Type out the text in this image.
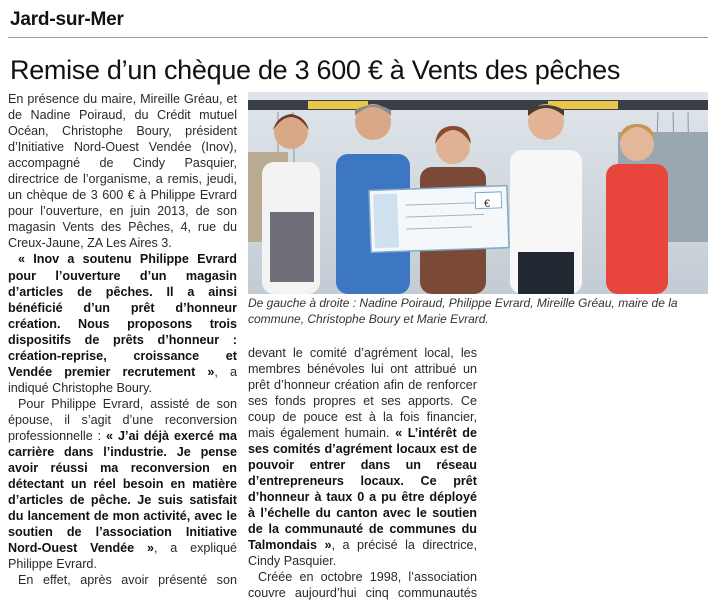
Jard-sur-Mer
Remise d’un chèque de 3 600 € à Vents des pêches

En présence du maire, Mireille Gréau, et de Nadine Poiraud, du Crédit mutuel Océan, Christophe Boury, président d’Initiative Nord-Ouest Vendée (Inov), accompagné de Cindy Pasquier, directrice de l’organisme, a remis, jeudi, un chèque de 3 600 € à Philippe Evrard pour l’ouverture, en juin 2013, de son magasin Vents des Pêches, 4, rue du Creux-Jaune, ZA Les Aires 3.

« Inov a soutenu Philippe Evrard pour l’ouverture d’un magasin d’articles de pêches. Il a ainsi bénéficié d’un prêt d’honneur création. Nous proposons trois dispositifs de prêts d’honneur : création-reprise, croissance et Vendée premier recrutement », a indiqué Christophe Boury.

Pour Philippe Evrard, assisté de son épouse, il s’agit d’une reconversion professionnelle : « J’ai déjà exercé ma carrière dans l’industrie. Je pense avoir réussi ma reconversion en détectant un réel besoin en matière d’articles de pêche. Je suis satisfait du lancement de mon activité, avec le soutien de l’association Initiative Nord-Ouest Vendée », a expliqué Philippe Evrard.

En effet, après avoir présenté son

€
De gauche à droite : Nadine Poiraud, Philippe Evrard, Mireille Gréau, maire de la commune, Christophe Boury et Marie Evrard.

devant le comité d’agrément local, les membres bénévoles lui ont attribué un prêt d’honneur création afin de renforcer ses fonds propres et ses apports. Ce coup de pouce est à la fois financier, mais également humain. « L’intérêt de ses comités d’agrément locaux est de pouvoir entrer dans un réseau d’entrepreneurs locaux. Ce prêt d’honneur à taux 0 a pu être déployé à l’échelle du canton avec le soutien de la communauté de communes du Talmondais », a précisé la directrice, Cindy Pasquier.

Créée en octobre 1998, l’association couvre aujourd’hui cinq communautés
